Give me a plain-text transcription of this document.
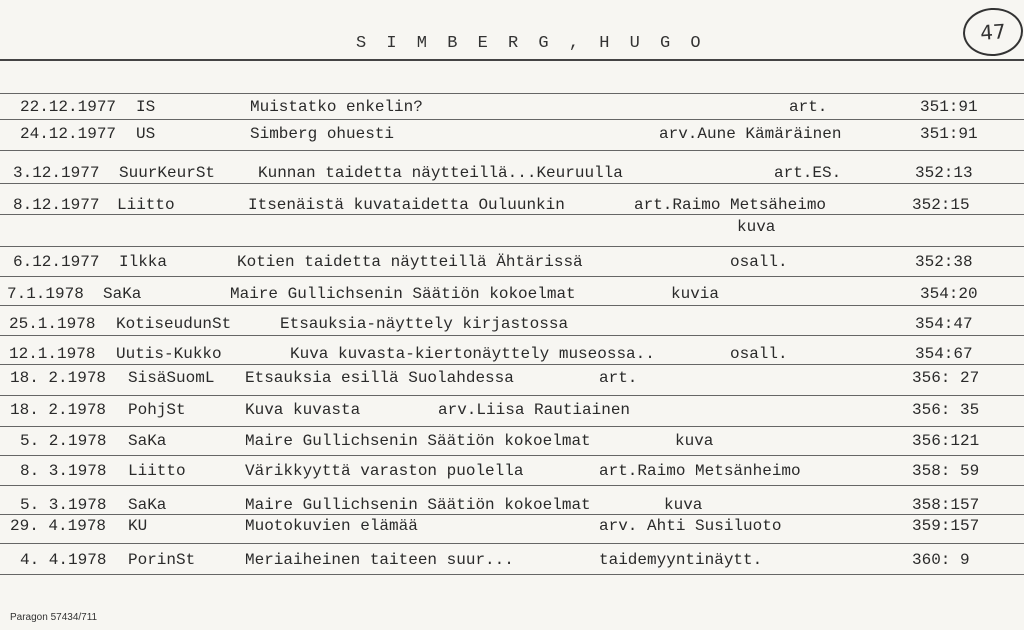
S I M B E R G , H U G O	47
22.12.1977 IS	Muistatko enkelin?	art.	351:91
24.12.1977 US	Simberg ohuesti	arv.Aune Kämäräinen	351:91
3.12.1977 SuurKeurSt	Kunnan taidetta näytteillä...Keuruulla	art.ES.	352:13
8.12.1977 Liitto	Itsenäistä kuvataidetta Ouluunkin	art.Raimo Metsäheimo	352:15
kuva
6.12.1977 Ilkka	Kotien taidetta näytteillä Ähtärissä	osall.	352:38
7.1.1978 SaKa	Maire Gullichsenin Säätiön kokoelmat	kuvia	354:20
25.1.1978 KotiseudunSt	Etsauksia-näyttely kirjastossa	354:47
12.1.1978 Uutis-Kukko	Kuva kuvasta-kiertonäyttely museossa..	osall.	354:67
18. 2.1978 SisäSuomL Etsauksia esillä Suolahdessa	art.	356: 27
18. 2.1978 PohjSt	Kuva kuvasta	arv.Liisa Rautiainen	356: 35
5. 2.1978 SaKa	Maire Gullichsenin Säätiön kokoelmat	kuva	356:121
8. 3.1978 Liitto	Värikkyyttä varaston puolella	art.Raimo Metsänheimo	358: 59
5. 3.1978 SaKa	Maire Gullichsenin Säätiön kokoelmat	kuva	358:157
29. 4.1978 KU	Muotokuvien elämää	arv. Ahti Susiluoto	359:157
4. 4.1978 PorinSt	Meriaiheinen taiteen suur...	taidemyyntinäytt.	360: 9
Paragon 57434/711
